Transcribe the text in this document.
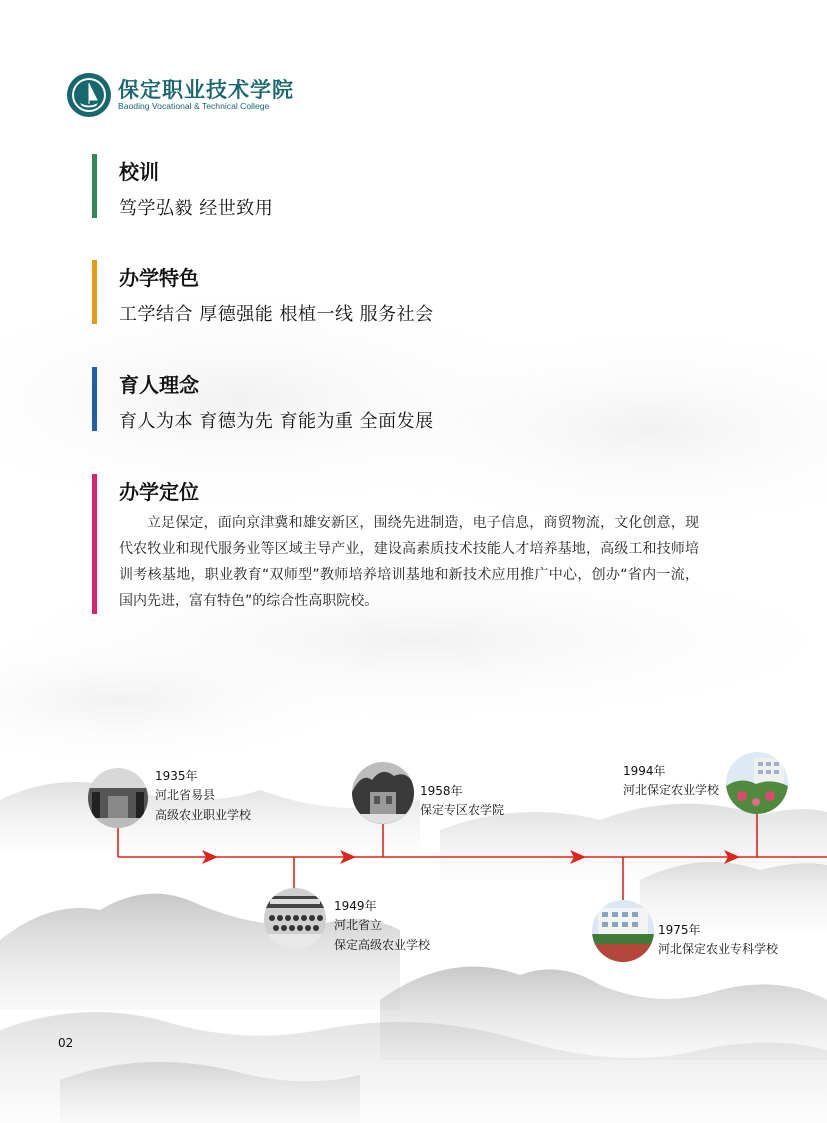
保定职业技术学院
Baoding Vocational & Technical College
校训
笃学弘毅 经世致用
办学特色
工学结合 厚德强能 根植一线 服务社会
育人理念
育人为本 育德为先 育能为重 全面发展
办学定位
立足保定，面向京津冀和雄安新区，围绕先进制造，电子信息，商贸物流，文化创意，现代农牧业和现代服务业等区域主导产业，建设高素质技术技能人才培养基地，高级工和技师培训考核基地，职业教育“双师型”教师培养培训基地和新技术应用推广中心，创办“省内一流，国内先进，富有特色”的综合性高职院校。
1935年
河北省易县
高级农业职业学校
1949年
河北省立
保定高级农业学校
1958年
保定专区农学院
1975年
河北保定农业专科学校
1994年
河北保定农业学校
02
